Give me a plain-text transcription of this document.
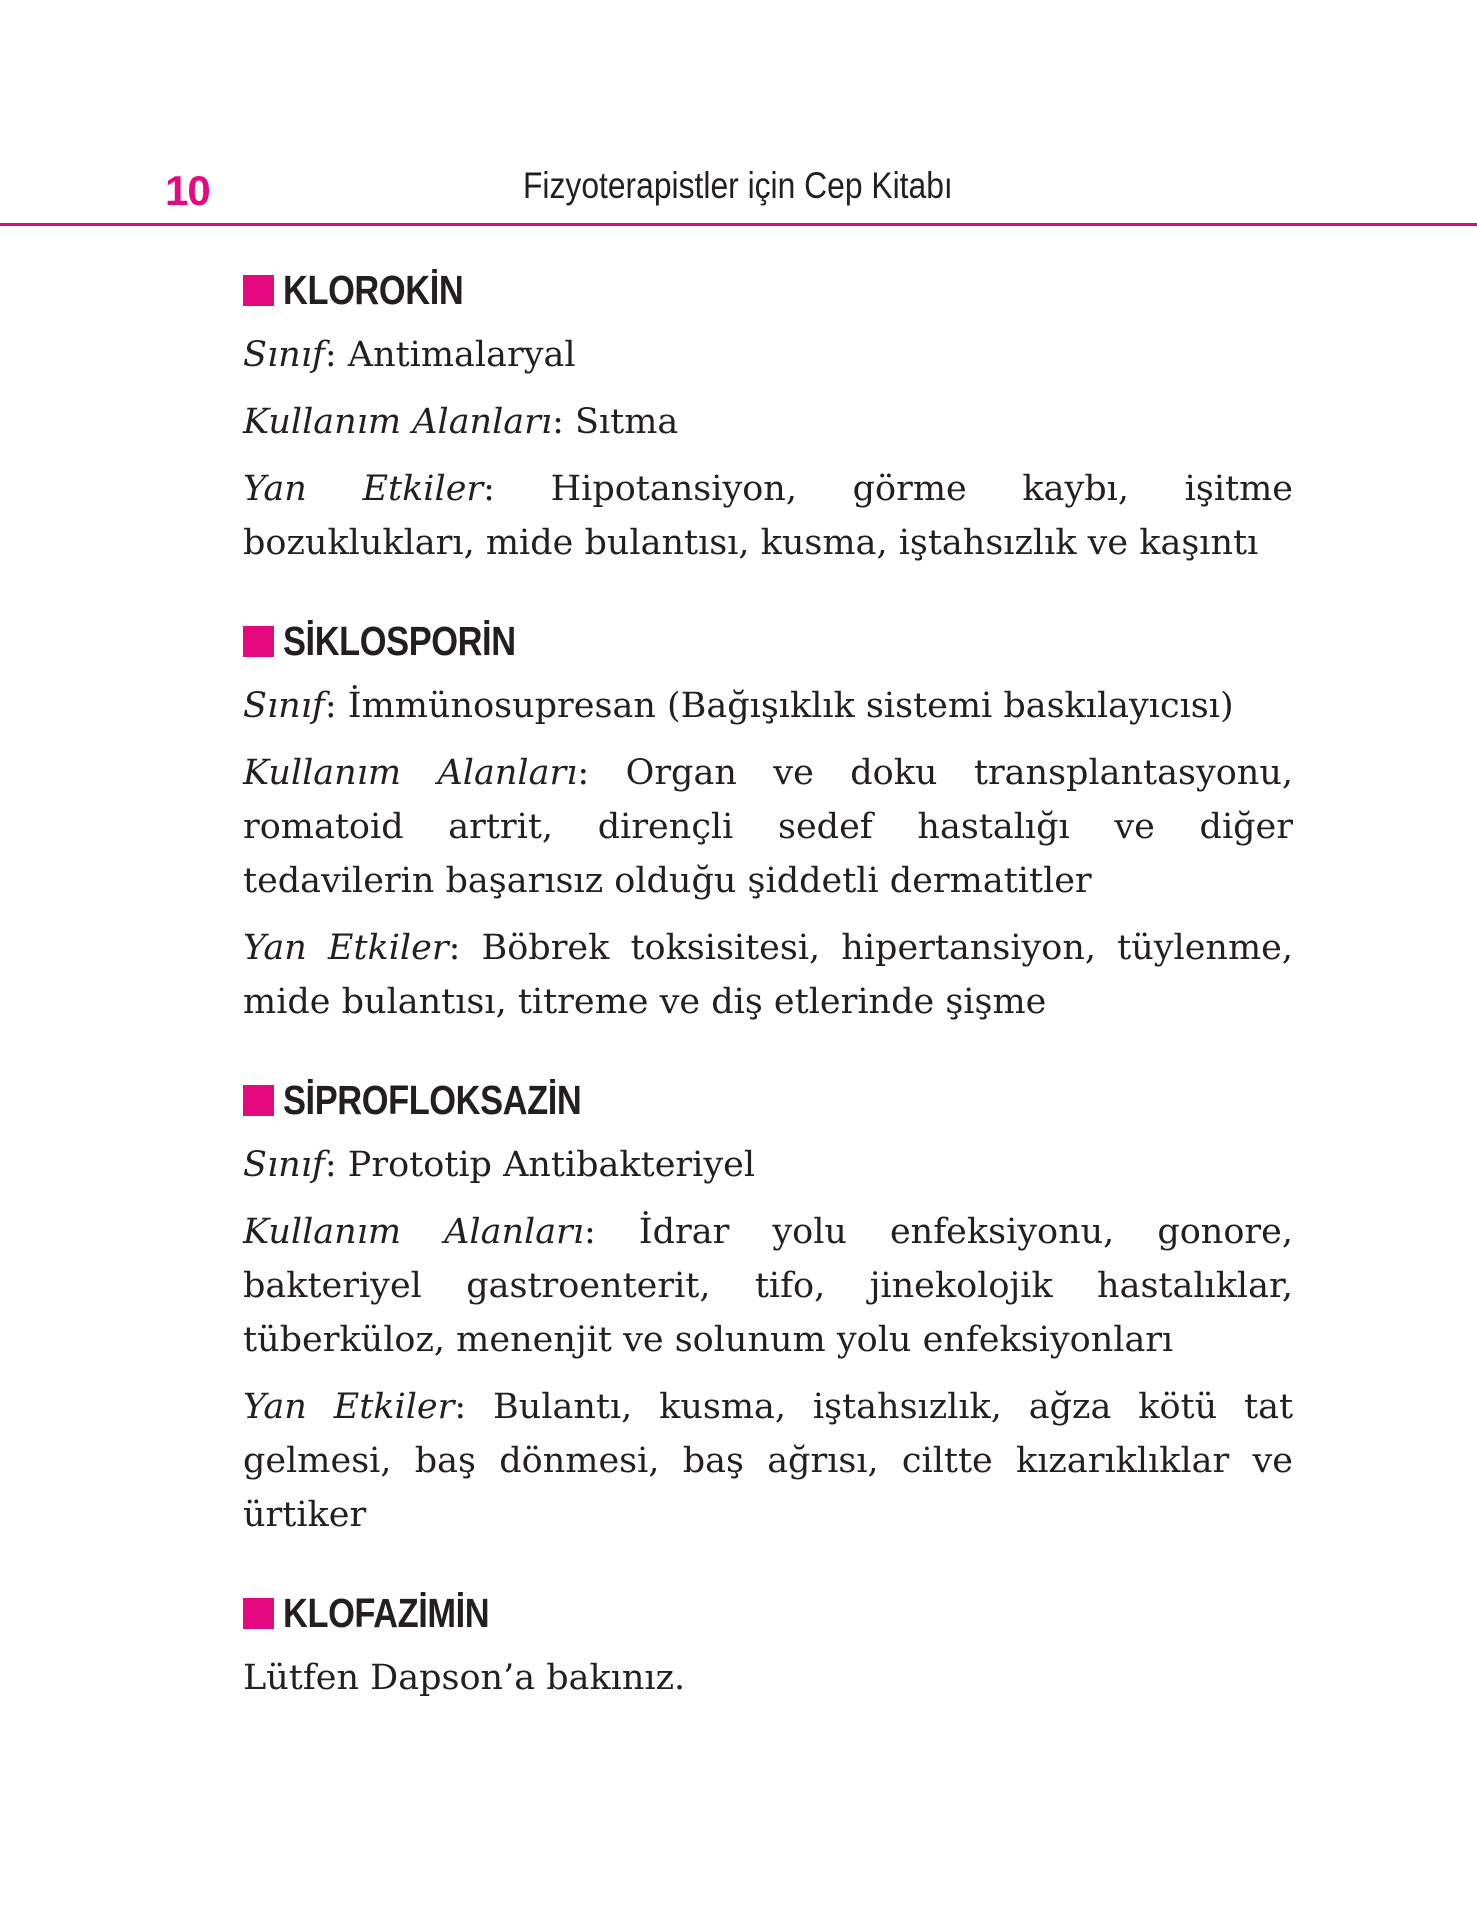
10	Fizyoterapistler için Cep Kitabı
KLOROKİN

Sınıf: Antimalaryal

Kullanım Alanları: Sıtma

Yan Etkiler: Hipotansiyon, görme kaybı, işitme bozuklukları, mide bulantısı, kusma, iştahsızlık ve kaşıntı

SİKLOSPORİN

Sınıf: İmmünosupresan (Bağışıklık sistemi baskılayıcısı)

Kullanım Alanları: Organ ve doku transplantasyonu, romatoid artrit, dirençli sedef hastalığı ve diğer tedavilerin başarısız olduğu şiddetli dermatitler

Yan Etkiler: Böbrek toksisitesi, hipertansiyon, tüylenme, mide bulantısı, titreme ve diş etlerinde şişme

SİPROFLOKSAZİN

Sınıf: Prototip Antibakteriyel

Kullanım Alanları: İdrar yolu enfeksiyonu, gonore, bakteriyel gastroenterit, tifo, jinekolojik hastalıklar, tüberküloz, menenjit ve solunum yolu enfeksiyonları

Yan Etkiler: Bulantı, kusma, iştahsızlık, ağza kötü tat gelmesi, baş dönmesi, baş ağrısı, ciltte kızarıklıklar ve ürtiker

KLOFAZİMİN

Lütfen Dapson’a bakınız.
